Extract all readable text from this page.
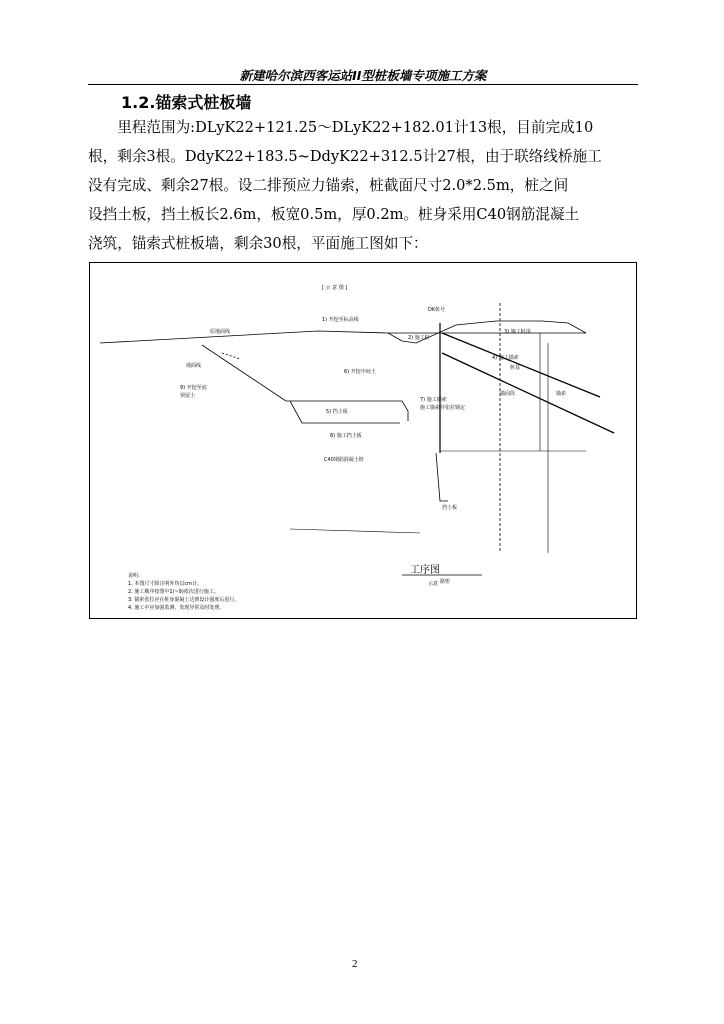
新建哈尔滨西客运站II型桩板墙专项施工方案
1.2.锚索式桩板墙

　　里程范围为:DLyK22+121.25～DLyK22+182.01计13根，目前完成10
根，剩余3根。DdyK22+183.5~DdyK22+312.5计27根，由于联络线桥施工
没有完成、剩余27根。设二排预应力锚索，桩截面尺寸2.0*2.5m，桩之间
设挡土板，挡土板长2.6m，板宽0.5m，厚0.2m。桩身采用C40钢筋混凝土
浇筑，锚索式桩板墙，剩余30根，平面施工图如下：

[ 示 意 图 ]
1) 开挖至标高线
2) 施工桩
3) 施工桩顶
4) 施工锚索
6) 开挖中间土
9) 开挖至底
预留土
坡面线
5) 挡土板
7) 施工锚索
施工锚索并张拉锁定
8) 施工挡土板
C40钢筋混凝土桩
锚固段	锚索
挡土板
DK桩号
原地面线
桩基
路堑
工序图
示意
说明:
1. 本图尺寸除注明外均以cm计。
2. 施工顺序按图中1)~9)依次进行施工。
3. 锚索张拉应在桩身混凝土达到设计强度后进行。
4. 施工中应加强监测，发现异常及时处理。
2
